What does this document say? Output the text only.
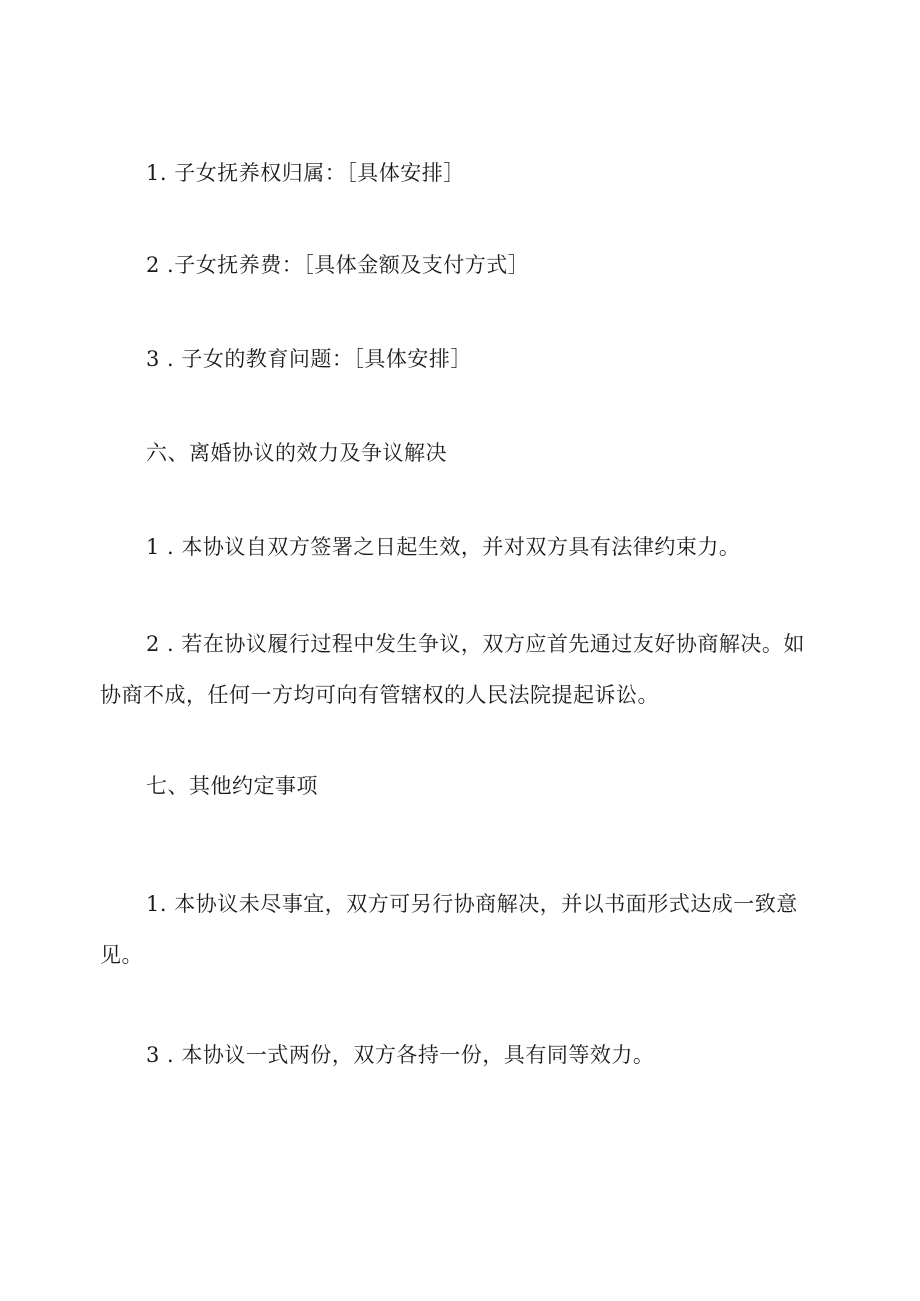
1. 子女抚养权归属：［具体安排］
2 .子女抚养费：［具体金额及支付方式］
3 . 子女的教育问题：［具体安排］
六、离婚协议的效力及争议解决
1 . 本协议自双方签署之日起生效，并对双方具有法律约束力。
2 . 若在协议履行过程中发生争议，双方应首先通过友好协商解决。如
协商不成，任何一方均可向有管辖权的人民法院提起诉讼。
七、其他约定事项
1. 本协议未尽事宜，双方可另行协商解决，并以书面形式达成一致意
见。
3 . 本协议一式两份，双方各持一份，具有同等效力。
